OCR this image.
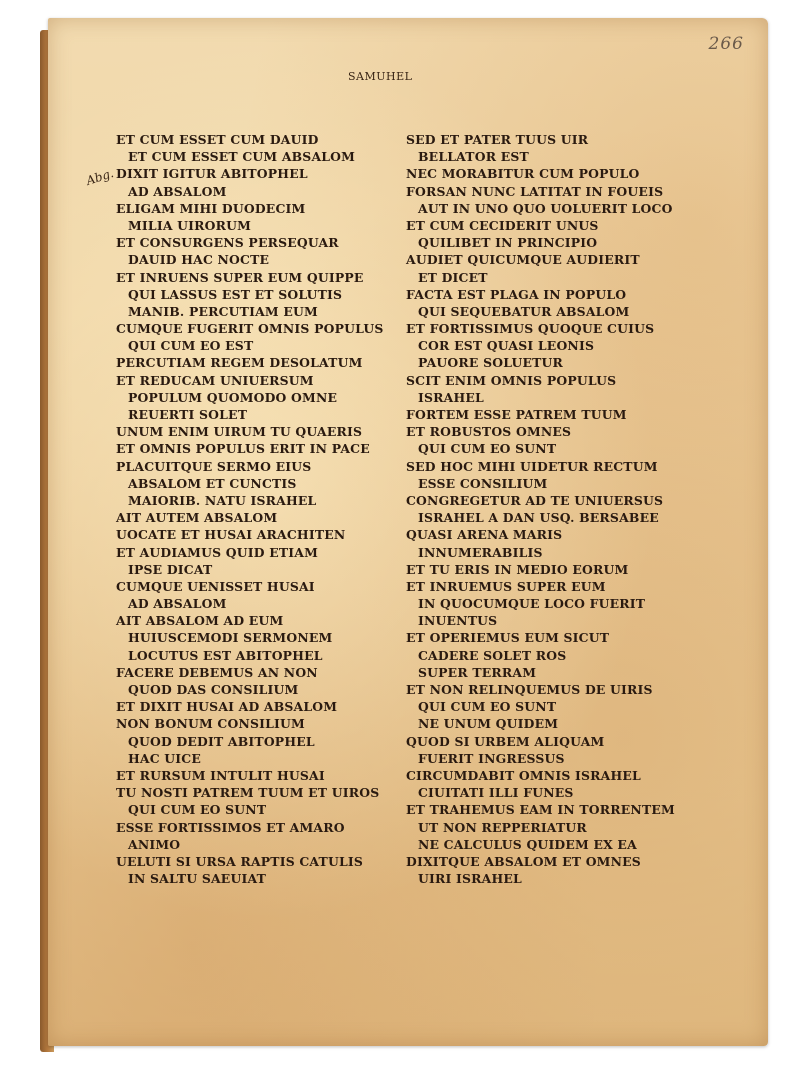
266
SAMUHEL
Abg.
ET CUM ESSET CUM DAUID
ET CUM ESSET CUM ABSALOM
DIXIT IGITUR ABITOPHEL
AD ABSALOM
ELIGAM MIHI DUODECIM
MILIA UIRORUM
ET CONSURGENS PERSEQUAR
DAUID HAC NOCTE
ET INRUENS SUPER EUM QUIPPE
QUI LASSUS EST ET SOLUTIS
MANIB. PERCUTIAM EUM
CUMQUE FUGERIT OMNIS POPULUS
QUI CUM EO EST
PERCUTIAM REGEM DESOLATUM
ET REDUCAM UNIUERSUM
POPULUM QUOMODO OMNE
REUERTI SOLET
UNUM ENIM UIRUM TU QUAERIS
ET OMNIS POPULUS ERIT IN PACE
PLACUITQUE SERMO EIUS
ABSALOM ET CUNCTIS
MAIORIB. NATU ISRAHEL
AIT AUTEM ABSALOM
UOCATE ET HUSAI ARACHITEN
ET AUDIAMUS QUID ETIAM
IPSE DICAT
CUMQUE UENISSET HUSAI
AD ABSALOM
AIT ABSALOM AD EUM
HUIUSCEMODI SERMONEM
LOCUTUS EST ABITOPHEL
FACERE DEBEMUS AN NON
QUOD DAS CONSILIUM
ET DIXIT HUSAI AD ABSALOM
NON BONUM CONSILIUM
QUOD DEDIT ABITOPHEL
HAC UICE
ET RURSUM INTULIT HUSAI
TU NOSTI PATREM TUUM ET UIROS
QUI CUM EO SUNT
ESSE FORTISSIMOS ET AMARO
ANIMO
UELUTI SI URSA RAPTIS CATULIS
IN SALTU SAEUIAT
SED ET PATER TUUS UIR
BELLATOR EST
NEC MORABITUR CUM POPULO
FORSAN NUNC LATITAT IN FOUEIS
AUT IN UNO QUO UOLUERIT LOCO
ET CUM CECIDERIT UNUS
QUILIBET IN PRINCIPIO
AUDIET QUICUMQUE AUDIERIT
ET DICET
FACTA EST PLAGA IN POPULO
QUI SEQUEBATUR ABSALOM
ET FORTISSIMUS QUOQUE CUIUS
COR EST QUASI LEONIS
PAUORE SOLUETUR
SCIT ENIM OMNIS POPULUS
ISRAHEL
FORTEM ESSE PATREM TUUM
ET ROBUSTOS OMNES
QUI CUM EO SUNT
SED HOC MIHI UIDETUR RECTUM
ESSE CONSILIUM
CONGREGETUR AD TE UNIUERSUS
ISRAHEL A DAN USQ. BERSABEE
QUASI ARENA MARIS
INNUMERABILIS
ET TU ERIS IN MEDIO EORUM
ET INRUEMUS SUPER EUM
IN QUOCUMQUE LOCO FUERIT
INUENTUS
ET OPERIEMUS EUM SICUT
CADERE SOLET ROS
SUPER TERRAM
ET NON RELINQUEMUS DE UIRIS
QUI CUM EO SUNT
NE UNUM QUIDEM
QUOD SI URBEM ALIQUAM
FUERIT INGRESSUS
CIRCUMDABIT OMNIS ISRAHEL
CIUITATI ILLI FUNES
ET TRAHEMUS EAM IN TORRENTEM
UT NON REPPERIATUR
NE CALCULUS QUIDEM EX EA
DIXITQUE ABSALOM ET OMNES
UIRI ISRAHEL
